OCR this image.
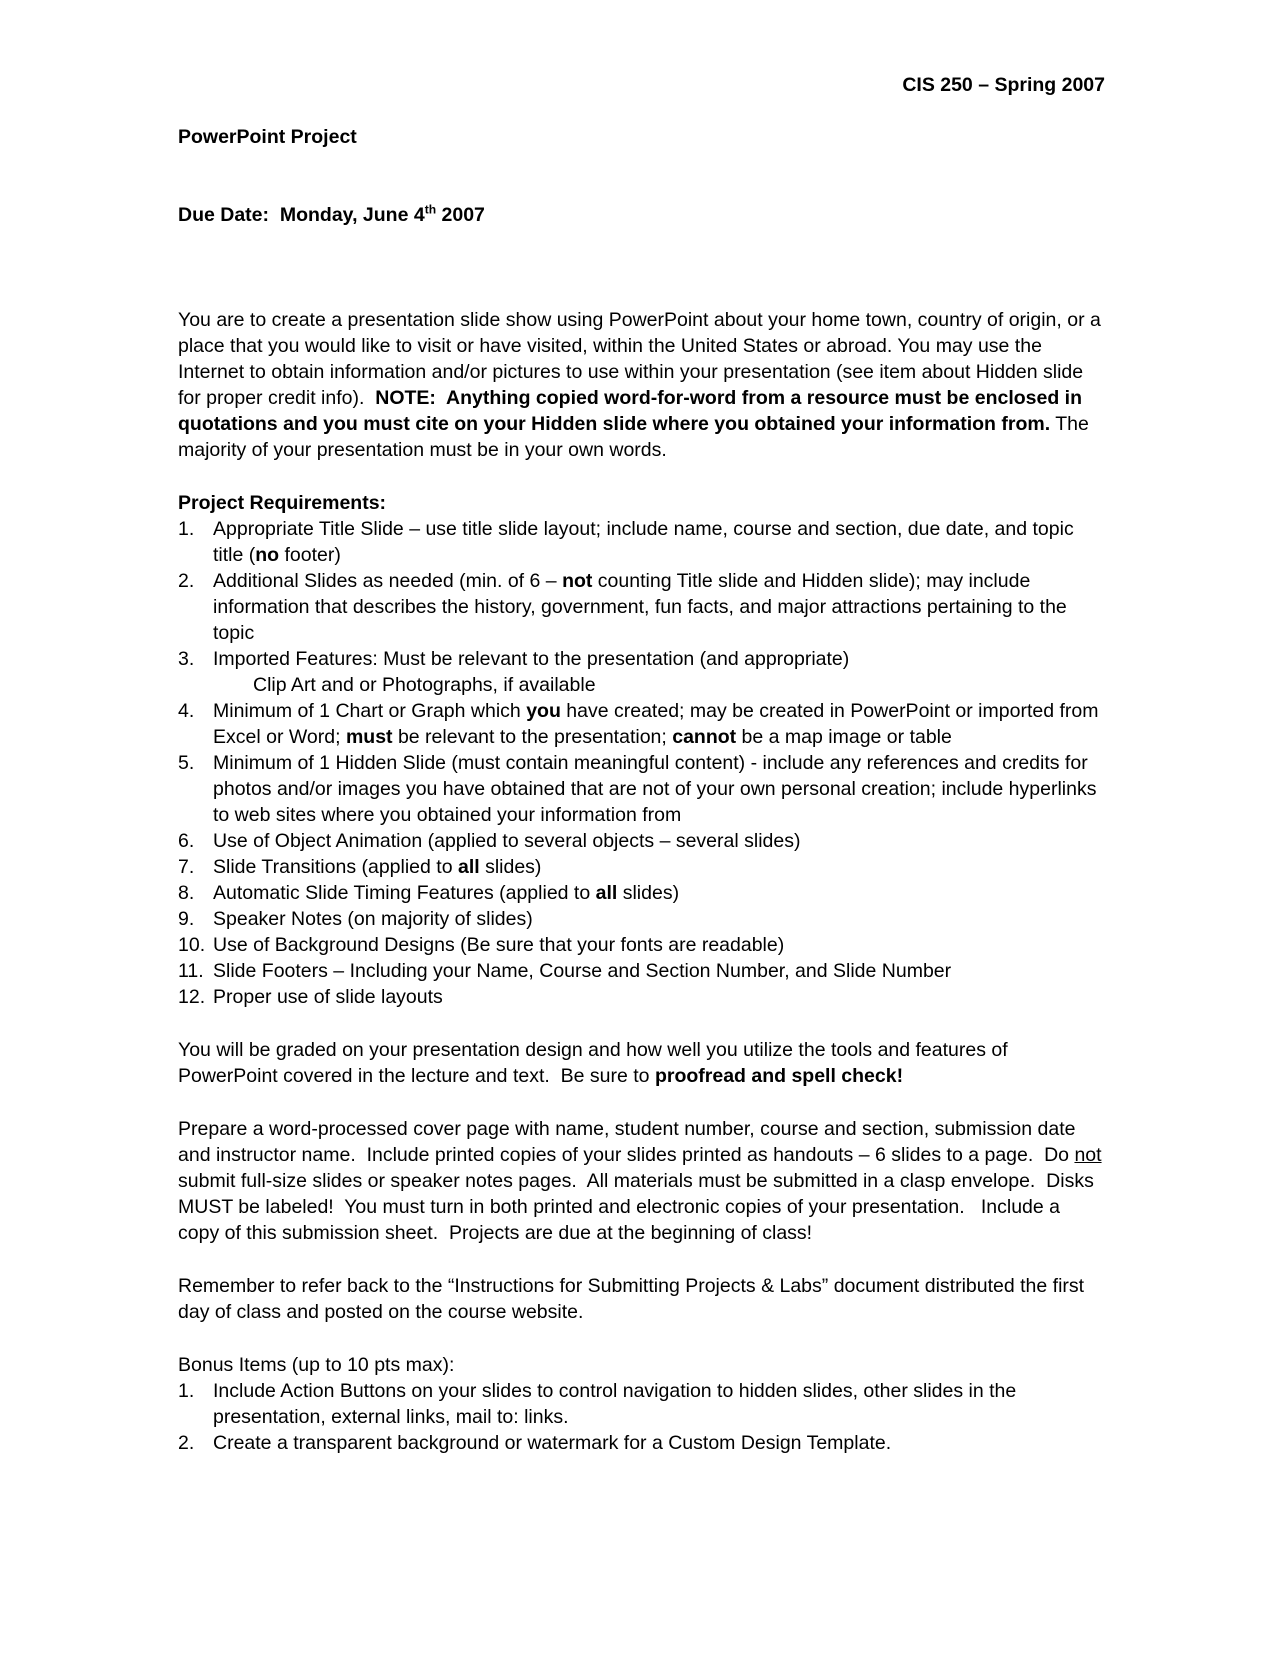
PowerPoint Project

Due Date:  Monday, June 4th 2007

CIS 250 – Spring 2007

You are to create a presentation slide show using PowerPoint about your home town, country of origin, or a place that you would like to visit or have visited, within the United States or abroad. You may use the Internet to obtain information and/or pictures to use within your presentation (see item about Hidden slide for proper credit info).  NOTE:  Anything copied word-for-word from a resource must be enclosed in quotations and you must cite on your Hidden slide where you obtained your information from. The majority of your presentation must be in your own words.

Project Requirements:
1. Appropriate Title Slide – use title slide layout; include name, course and section, due date, and topic title (no footer)
2. Additional Slides as needed (min. of 6 – not counting Title slide and Hidden slide); may include information that describes the history, government, fun facts, and major attractions pertaining to the topic
3. Imported Features: Must be relevant to the presentation (and appropriate)
Clip Art and or Photographs, if available
4. Minimum of 1 Chart or Graph which you have created; may be created in PowerPoint or imported from Excel or Word; must be relevant to the presentation; cannot be a map image or table
5. Minimum of 1 Hidden Slide (must contain meaningful content) - include any references and credits for photos and/or images you have obtained that are not of your own personal creation; include hyperlinks to web sites where you obtained your information from
6. Use of Object Animation (applied to several objects – several slides)
7. Slide Transitions (applied to all slides)
8. Automatic Slide Timing Features (applied to all slides)
9. Speaker Notes (on majority of slides)
10. Use of Background Designs (Be sure that your fonts are readable)
11. Slide Footers – Including your Name, Course and Section Number, and Slide Number
12. Proper use of slide layouts

You will be graded on your presentation design and how well you utilize the tools and features of PowerPoint covered in the lecture and text.  Be sure to proofread and spell check!

Prepare a word-processed cover page with name, student number, course and section, submission date and instructor name.  Include printed copies of your slides printed as handouts – 6 slides to a page.  Do not submit full-size slides or speaker notes pages.  All materials must be submitted in a clasp envelope.  Disks MUST be labeled!  You must turn in both printed and electronic copies of your presentation.   Include a copy of this submission sheet.  Projects are due at the beginning of class!

Remember to refer back to the “Instructions for Submitting Projects & Labs” document distributed the first day of class and posted on the course website.

Bonus Items (up to 10 pts max):
1. Include Action Buttons on your slides to control navigation to hidden slides, other slides in the presentation, external links, mail to: links.
2. Create a transparent background or watermark for a Custom Design Template.
